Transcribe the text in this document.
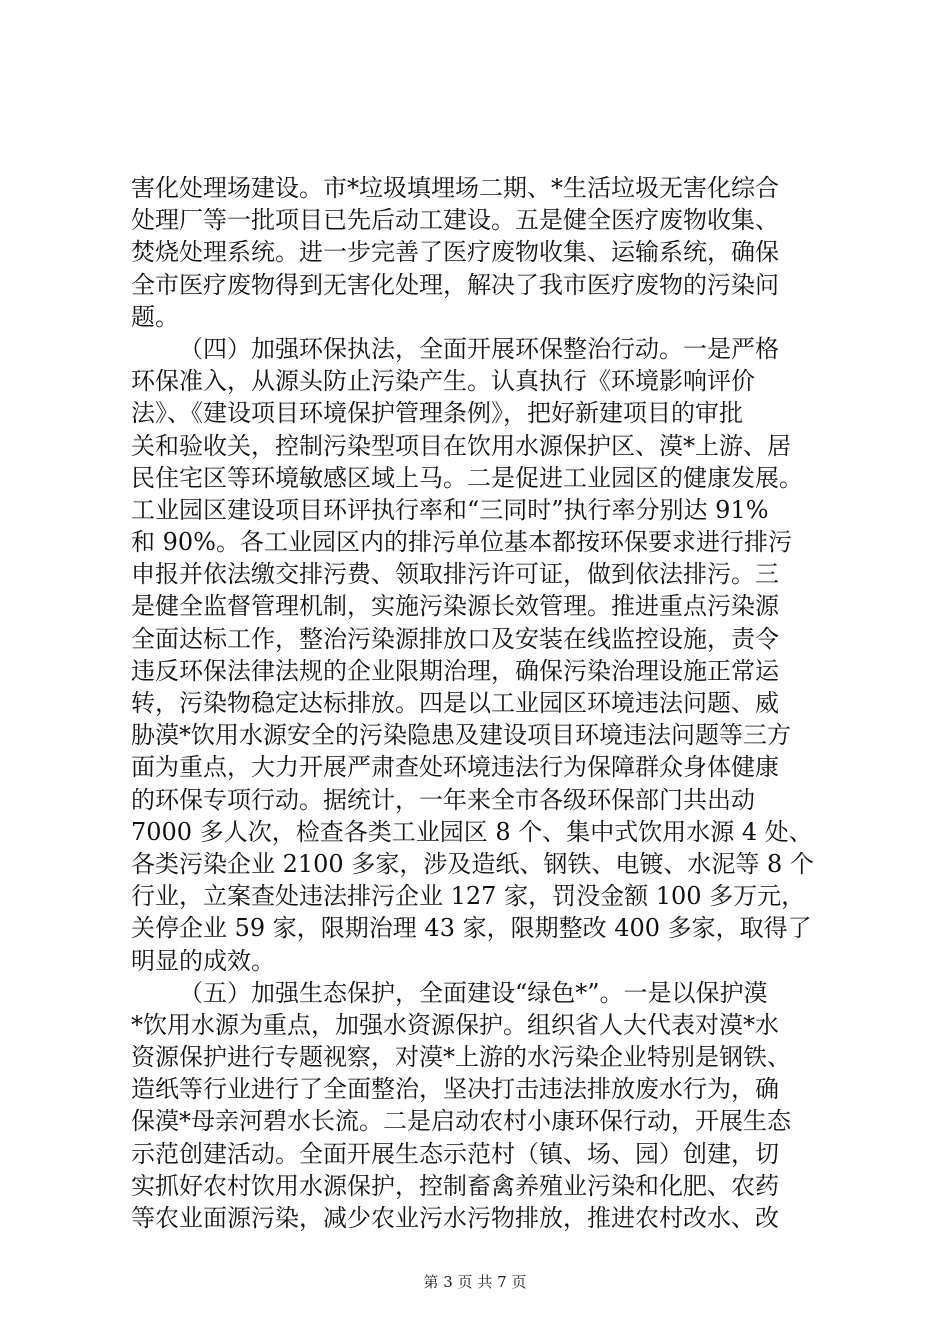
害化处理场建设。市*垃圾填埋场二期、*生活垃圾无害化综合
处理厂等一批项目已先后动工建设。五是健全医疗废物收集、
焚烧处理系统。进一步完善了医疗废物收集、运输系统，确保
全市医疗废物得到无害化处理，解决了我市医疗废物的污染问
题。
（四）加强环保执法，全面开展环保整治行动。一是严格
环保准入，从源头防止污染产生。认真执行《环境影响评价
法》、《建设项目环境保护管理条例》，把好新建项目的审批
关和验收关，控制污染型项目在饮用水源保护区、漠*上游、居
民住宅区等环境敏感区域上马。二是促进工业园区的健康发展。
工业园区建设项目环评执行率和“三同时”执行率分别达 91%
和 90%。各工业园区内的排污单位基本都按环保要求进行排污
申报并依法缴交排污费、领取排污许可证，做到依法排污。三
是健全监督管理机制，实施污染源长效管理。推进重点污染源
全面达标工作，整治污染源排放口及安装在线监控设施，责令
违反环保法律法规的企业限期治理，确保污染治理设施正常运
转，污染物稳定达标排放。四是以工业园区环境违法问题、威
胁漠*饮用水源安全的污染隐患及建设项目环境违法问题等三方
面为重点，大力开展严肃查处环境违法行为保障群众身体健康
的环保专项行动。据统计，一年来全市各级环保部门共出动
7000 多人次，检查各类工业园区 8 个、集中式饮用水源 4 处、
各类污染企业 2100 多家，涉及造纸、钢铁、电镀、水泥等 8 个
行业，立案查处违法排污企业 127 家，罚没金额 100 多万元，
关停企业 59 家，限期治理 43 家，限期整改 400 多家，取得了
明显的成效。
（五）加强生态保护，全面建设“绿色*”。一是以保护漠
*饮用水源为重点，加强水资源保护。组织省人大代表对漠*水
资源保护进行专题视察，对漠*上游的水污染企业特别是钢铁、
造纸等行业进行了全面整治，坚决打击违法排放废水行为，确
保漠*母亲河碧水长流。二是启动农村小康环保行动，开展生态
示范创建活动。全面开展生态示范村（镇、场、园）创建，切
实抓好农村饮用水源保护，控制畜禽养殖业污染和化肥、农药
等农业面源污染，减少农业污水污物排放，推进农村改水、改
第 3 页 共 7 页
